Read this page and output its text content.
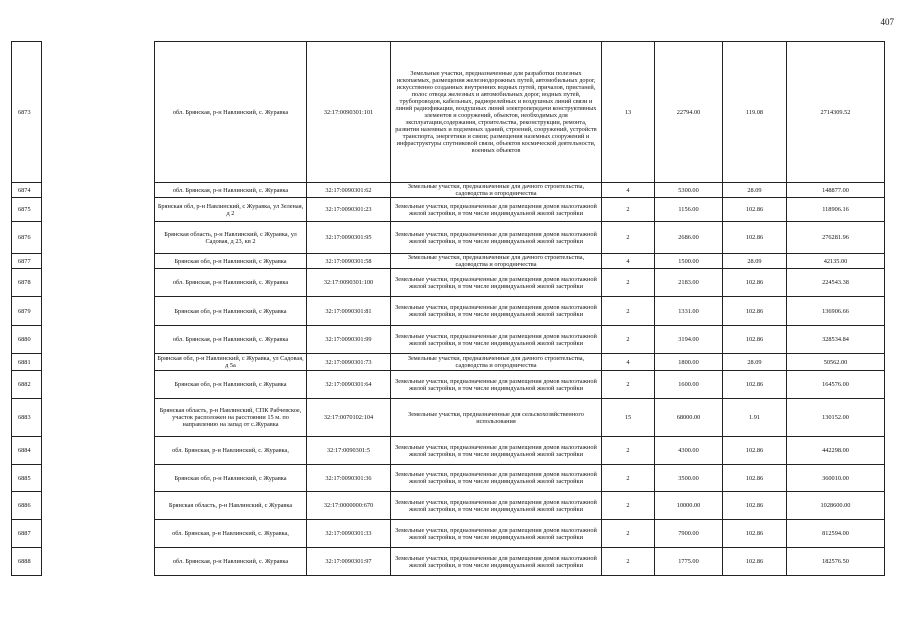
407
6873		обл. Брянская, р-н Навлинский, с. Журавка	32:17:0090301:101	Земельные участки, предназначенные для разработки полезных ископаемых, размещения железнодорожных путей, автомобильных дорог, искусственно созданных внутренних водных путей, причалов, пристаней, полос отвода железных и автомобильных дорог, водных путей, трубопроводов, кабельных, радиорелейных и воздушных линий связи и линий радиофикации, воздушных линий электропередачи конструктивных элементов и сооружений, объектов, необходимых для эксплуатации,содержания, строительства, реконструкции, ремонта, развития наземных и подземных зданий, строений, сооружений, устройств транспорта, энергетики и связи; размещения наземных сооружений и инфраструктуры спутниковой связи, объектов космической деятельности, военных объектов	13	22794.00	119.08	2714309.52
6874		обл. Брянская, р-н Навлинский, с. Журавка	32:17:0090301:62	Земельные участки, предназначенные для дачного строительства, садоводства и огородничества	4	5300.00	28.09	148877.00
6875		Брянская обл, р-н Навлинский, с Журавка, ул Зеленая, д 2	32:17:0090301:23	Земельные участки, предназначенные для размещения домов малоэтажной жилой застройки, в том числе индивидуальной жилой застройки	2	1156.00	102.86	118906.16
6876		Брянская область, р-н Навлинский, с Журавка, ул Садовая, д 23, кв 2	32:17:0090301:95	Земельные участки, предназначенные для размещения домов малоэтажной жилой застройки, в том числе индивидуальной жилой застройки	2	2686.00	102.86	276281.96
6877		Брянская обл, р-н Навлинский, с Журавка	32:17:0090301:58	Земельные участки, предназначенные для дачного строительства, садоводства и огородничества	4	1500.00	28.09	42135.00
6878		обл. Брянская, р-н Навлинский, с. Журавка	32:17:0090301:100	Земельные участки, предназначенные для размещения домов малоэтажной жилой застройки, в том числе индивидуальной жилой застройки	2	2183.00	102.86	224543.38
6879		Брянская обл, р-н Навлинский, с Журавка	32:17:0090301:81	Земельные участки, предназначенные для размещения домов малоэтажной жилой застройки, в том числе индивидуальной жилой застройки	2	1331.00	102.86	136906.66
6880		обл. Брянская, р-н Навлинский, с. Журавка	32:17:0090301:99	Земельные участки, предназначенные для размещения домов малоэтажной жилой застройки, в том числе индивидуальной жилой застройки	2	3194.00	102.86	328534.84
6881		Брянская обл, р-н Навлинский, с Журавка, ул Садовая, д 5а	32:17:0090301:73	Земельные участки, предназначенные для дачного строительства, садоводства и огородничества	4	1800.00	28.09	50562.00
6882		Брянская обл, р-н Навлинский, с Журавка	32:17:0090301:64	Земельные участки, предназначенные для размещения домов малоэтажной жилой застройки, в том числе индивидуальной жилой застройки	2	1600.00	102.86	164576.00
6883		Брянская область, р-н Навлинский, СПК Рабчевское, участок расположен на расстоянии 15 м. по направлению на запад от с.Журавка	32:17:0070102:104	Земельные участки, предназначенные для сельскохозяйственного использования	15	68000.00	1.91	130152.00
6884		обл. Брянская, р-н Навлинский, с. Журавка,	32:17:0090301:5	Земельные участки, предназначенные для размещения домов малоэтажной жилой застройки, в том числе индивидуальной жилой застройки	2	4300.00	102.86	442298.00
6885		Брянская обл, р-н Навлинский, с Журавка	32:17:0090301:36	Земельные участки, предназначенные для размещения домов малоэтажной жилой застройки, в том числе индивидуальной жилой застройки	2	3500.00	102.86	360010.00
6886		Брянская область, р-н Навлинский, с Журавка	32:17:0000000:670	Земельные участки, предназначенные для размещения домов малоэтажной жилой застройки, в том числе индивидуальной жилой застройки	2	10000.00	102.86	1028600.00
6887		обл. Брянская, р-н Навлинский, с. Журавка,	32:17:0090301:33	Земельные участки, предназначенные для размещения домов малоэтажной жилой застройки, в том числе индивидуальной жилой застройки	2	7900.00	102.86	812594.00
6888		обл. Брянская, р-н Навлинский, с. Журавка	32:17:0090301:97	Земельные участки, предназначенные для размещения домов малоэтажной жилой застройки, в том числе индивидуальной жилой застройки	2	1775.00	102.86	182576.50
